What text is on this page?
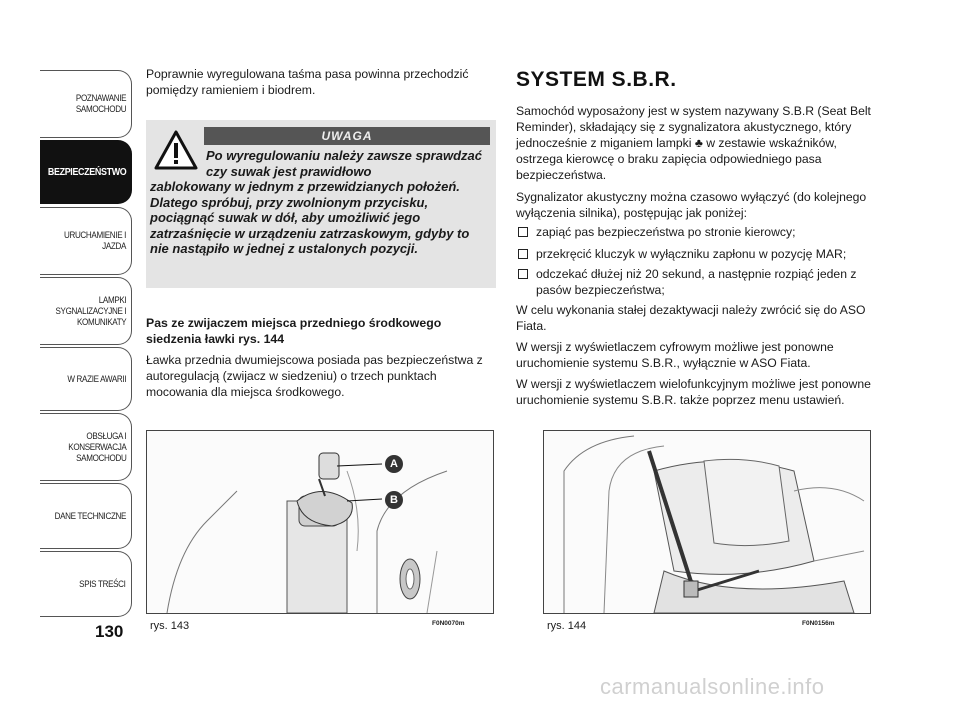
POZNAWANIE
SAMOCHODU
BEZPIECZEŃSTWO
URUCHAMIENIE I
JAZDA
LAMPKI
SYGNALIZACYJNE I
KOMUNIKATY
W RAZIE AWARII
OBSŁUGA I
KONSERWACJA
SAMOCHODU
DANE TECHNICZNE
SPIS TREŚCI
130
Poprawnie wyregulowana taśma pasa powinna przechodzić pomiędzy ramieniem i biodrem.
UWAGA
Po wyregulowaniu należy zawsze sprawdzać czy suwak jest prawidłowo
zablokowany w jednym z przewidzianych położeń. Dlatego spróbuj, przy zwolnionym przycisku, pociągnąć suwak w dół, aby umożliwić jego zatrzaśnięcie w urządzeniu zatrzaskowym, gdyby to nie nastąpiło w jednej z ustalonych pozycji.
Pas ze zwijaczem miejsca przedniego środkowego siedzenia ławki rys. 144
Ławka przednia dwumiejscowa posiada pas bezpieczeństwa z autoregulacją (zwijacz w siedzeniu) o trzech punktach mocowania dla miejsca środkowego.
A
B
rys. 143	F0N0070m
SYSTEM S.B.R.
Samochód wyposażony jest w system nazywany S.B.R (Seat Belt Reminder), składający się z sygnalizatora akustycznego, który jednocześnie z miganiem lampki ♣ w zestawie wskaźników, ostrzega kierowcę o braku zapięcia odpowiedniego pasa bezpieczeństwa.
Sygnalizator akustyczny można czasowo wyłączyć (do kolejnego wyłączenia silnika), postępując jak poniżej:
zapiąć pas bezpieczeństwa po stronie kierowcy;
przekręcić kluczyk w wyłączniku zapłonu w pozycję MAR;
odczekać dłużej niż 20 sekund, a następnie rozpiąć jeden z pasów bezpieczeństwa;
W celu wykonania stałej dezaktywacji należy zwrócić się do ASO Fiata.
W wersji z wyświetlaczem cyfrowym możliwe jest ponowne uruchomienie systemu S.B.R., wyłącznie w ASO Fiata.
W wersji z wyświetlaczem wielofunkcyjnym możliwe jest ponowne uruchomienie systemu S.B.R. także poprzez menu ustawień.
rys. 144	F0N0156m
carmanualsonline.info
